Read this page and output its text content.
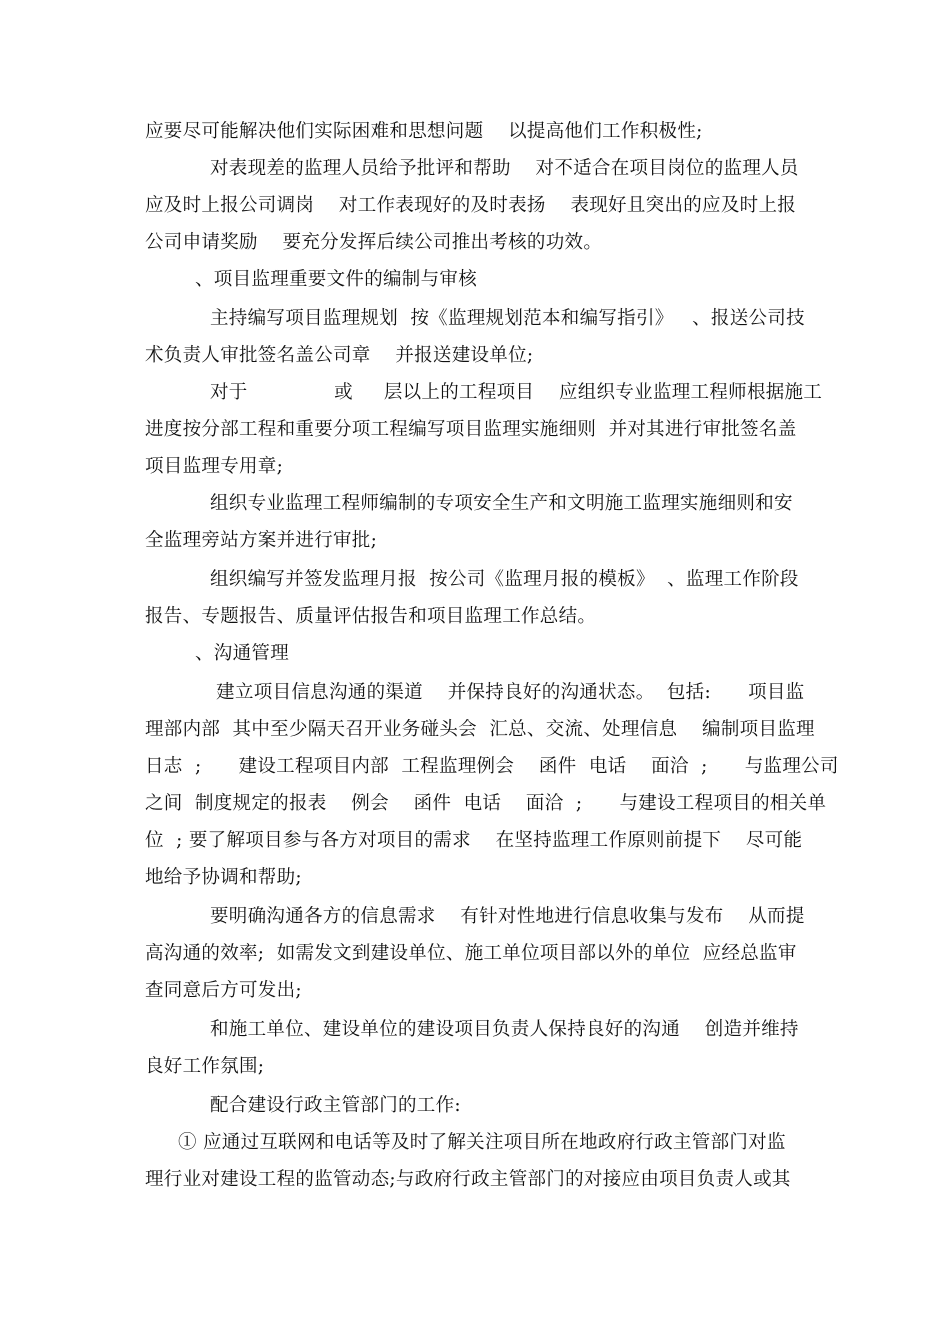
应要尽可能解决他们实际困难和思想问题    以提高他们工作积极性;
对表现差的监理人员给予批评和帮助    对不适合在项目岗位的监理人员
应及时上报公司调岗    对工作表现好的及时表扬    表现好且突出的应及时上报
公司申请奖励    要充分发挥后续公司推出考核的功效。
、项目监理重要文件的编制与审核
主持编写项目监理规划  按《监理规划范本和编写指引》   、报送公司技
术负责人审批签名盖公司章    并报送建设单位;
对于              或     层以上的工程项目    应组织专业监理工程师根据施工
进度按分部工程和重要分项工程编写项目监理实施细则  并对其进行审批签名盖
项目监理专用章;
组织专业监理工程师编制的专项安全生产和文明施工监理实施细则和安
全监理旁站方案并进行审批;
组织编写并签发监理月报  按公司《监理月报的模板》  、监理工作阶段
报告、专题报告、质量评估报告和项目监理工作总结。
、沟通管理
建立项目信息沟通的渠道    并保持良好的沟通状态。  包括:      项目监
理部内部  其中至少隔天召开业务碰头会  汇总、交流、处理信息    编制项目监理
日志  ;      建设工程项目内部  工程监理例会    函件  电话    面洽  ;      与监理公司
之间  制度规定的报表    例会    函件  电话    面洽  ;      与建设工程项目的相关单
位  ; 要了解项目参与各方对项目的需求    在坚持监理工作原则前提下    尽可能
地给予协调和帮助;
要明确沟通各方的信息需求    有针对性地进行信息收集与发布    从而提
高沟通的效率;  如需发文到建设单位、施工单位项目部以外的单位  应经总监审
查同意后方可发出;
和施工单位、建设单位的建设项目负责人保持良好的沟通    创造并维持
良好工作氛围;
配合建设行政主管部门的工作:
① 应通过互联网和电话等及时了解关注项目所在地政府行政主管部门对监
理行业对建设工程的监管动态;与政府行政主管部门的对接应由项目负责人或其
